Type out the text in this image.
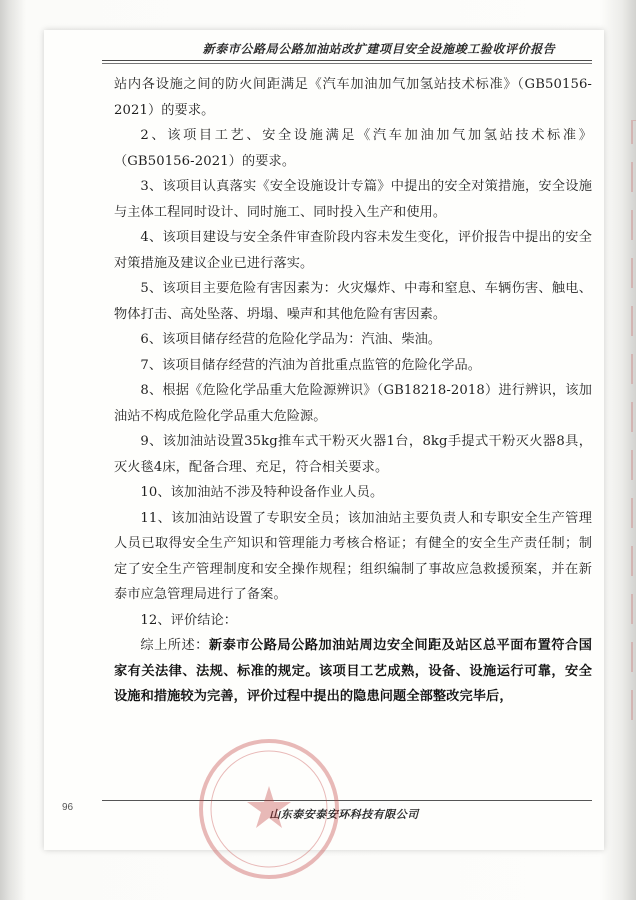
新泰市公路局公路加油站改扩建项目安全设施竣工验收评价报告

站内各设施之间的防火间距满足《汽车加油加气加氢站技术标准》（GB50156-2021）的要求。

2、该项目工艺、安全设施满足《汽车加油加气加氢站技术标准》（GB50156-2021）的要求。

3、该项目认真落实《安全设施设计专篇》中提出的安全对策措施，安全设施与主体工程同时设计、同时施工、同时投入生产和使用。

4、该项目建设与安全条件审查阶段内容未发生变化，评价报告中提出的安全对策措施及建议企业已进行落实。

5、该项目主要危险有害因素为：火灾爆炸、中毒和窒息、车辆伤害、触电、物体打击、高处坠落、坍塌、噪声和其他危险有害因素。

6、该项目储存经营的危险化学品为：汽油、柴油。

7、该项目储存经营的汽油为首批重点监管的危险化学品。

8、根据《危险化学品重大危险源辨识》（GB18218-2018）进行辨识，该加油站不构成危险化学品重大危险源。

9、该加油站设置35kg推车式干粉灭火器1台，8kg手提式干粉灭火器8具，灭火毯4床，配备合理、充足，符合相关要求。

10、该加油站不涉及特种设备作业人员。

11、该加油站设置了专职安全员；该加油站主要负责人和专职安全生产管理人员已取得安全生产知识和管理能力考核合格证；有健全的安全生产责任制；制定了安全生产管理制度和安全操作规程；组织编制了事故应急救援预案，并在新泰市应急管理局进行了备案。

12、评价结论：

综上所述：新泰市公路局公路加油站周边安全间距及站区总平面布置符合国家有关法律、法规、标准的规定。该项目工艺成熟，设备、设施运行可靠，安全设施和措施较为完善，评价过程中提出的隐患问题全部整改完毕后，

96
山东泰安泰安环科技有限公司
